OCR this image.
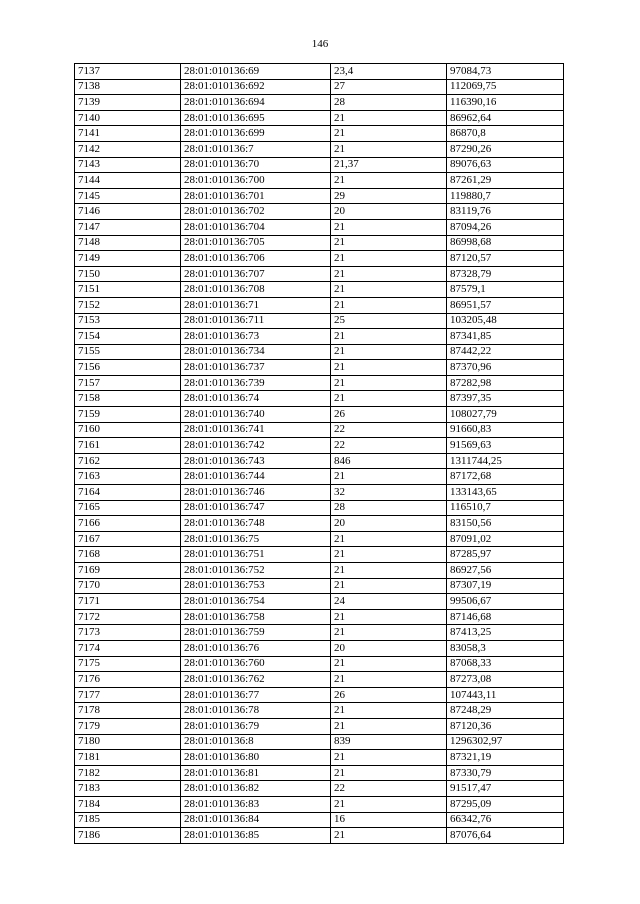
146
7137	28:01:010136:69	23,4	97084,73
7138	28:01:010136:692	27	112069,75
7139	28:01:010136:694	28	116390,16
7140	28:01:010136:695	21	86962,64
7141	28:01:010136:699	21	86870,8
7142	28:01:010136:7	21	87290,26
7143	28:01:010136:70	21,37	89076,63
7144	28:01:010136:700	21	87261,29
7145	28:01:010136:701	29	119880,7
7146	28:01:010136:702	20	83119,76
7147	28:01:010136:704	21	87094,26
7148	28:01:010136:705	21	86998,68
7149	28:01:010136:706	21	87120,57
7150	28:01:010136:707	21	87328,79
7151	28:01:010136:708	21	87579,1
7152	28:01:010136:71	21	86951,57
7153	28:01:010136:711	25	103205,48
7154	28:01:010136:73	21	87341,85
7155	28:01:010136:734	21	87442,22
7156	28:01:010136:737	21	87370,96
7157	28:01:010136:739	21	87282,98
7158	28:01:010136:74	21	87397,35
7159	28:01:010136:740	26	108027,79
7160	28:01:010136:741	22	91660,83
7161	28:01:010136:742	22	91569,63
7162	28:01:010136:743	846	1311744,25
7163	28:01:010136:744	21	87172,68
7164	28:01:010136:746	32	133143,65
7165	28:01:010136:747	28	116510,7
7166	28:01:010136:748	20	83150,56
7167	28:01:010136:75	21	87091,02
7168	28:01:010136:751	21	87285,97
7169	28:01:010136:752	21	86927,56
7170	28:01:010136:753	21	87307,19
7171	28:01:010136:754	24	99506,67
7172	28:01:010136:758	21	87146,68
7173	28:01:010136:759	21	87413,25
7174	28:01:010136:76	20	83058,3
7175	28:01:010136:760	21	87068,33
7176	28:01:010136:762	21	87273,08
7177	28:01:010136:77	26	107443,11
7178	28:01:010136:78	21	87248,29
7179	28:01:010136:79	21	87120,36
7180	28:01:010136:8	839	1296302,97
7181	28:01:010136:80	21	87321,19
7182	28:01:010136:81	21	87330,79
7183	28:01:010136:82	22	91517,47
7184	28:01:010136:83	21	87295,09
7185	28:01:010136:84	16	66342,76
7186	28:01:010136:85	21	87076,64
